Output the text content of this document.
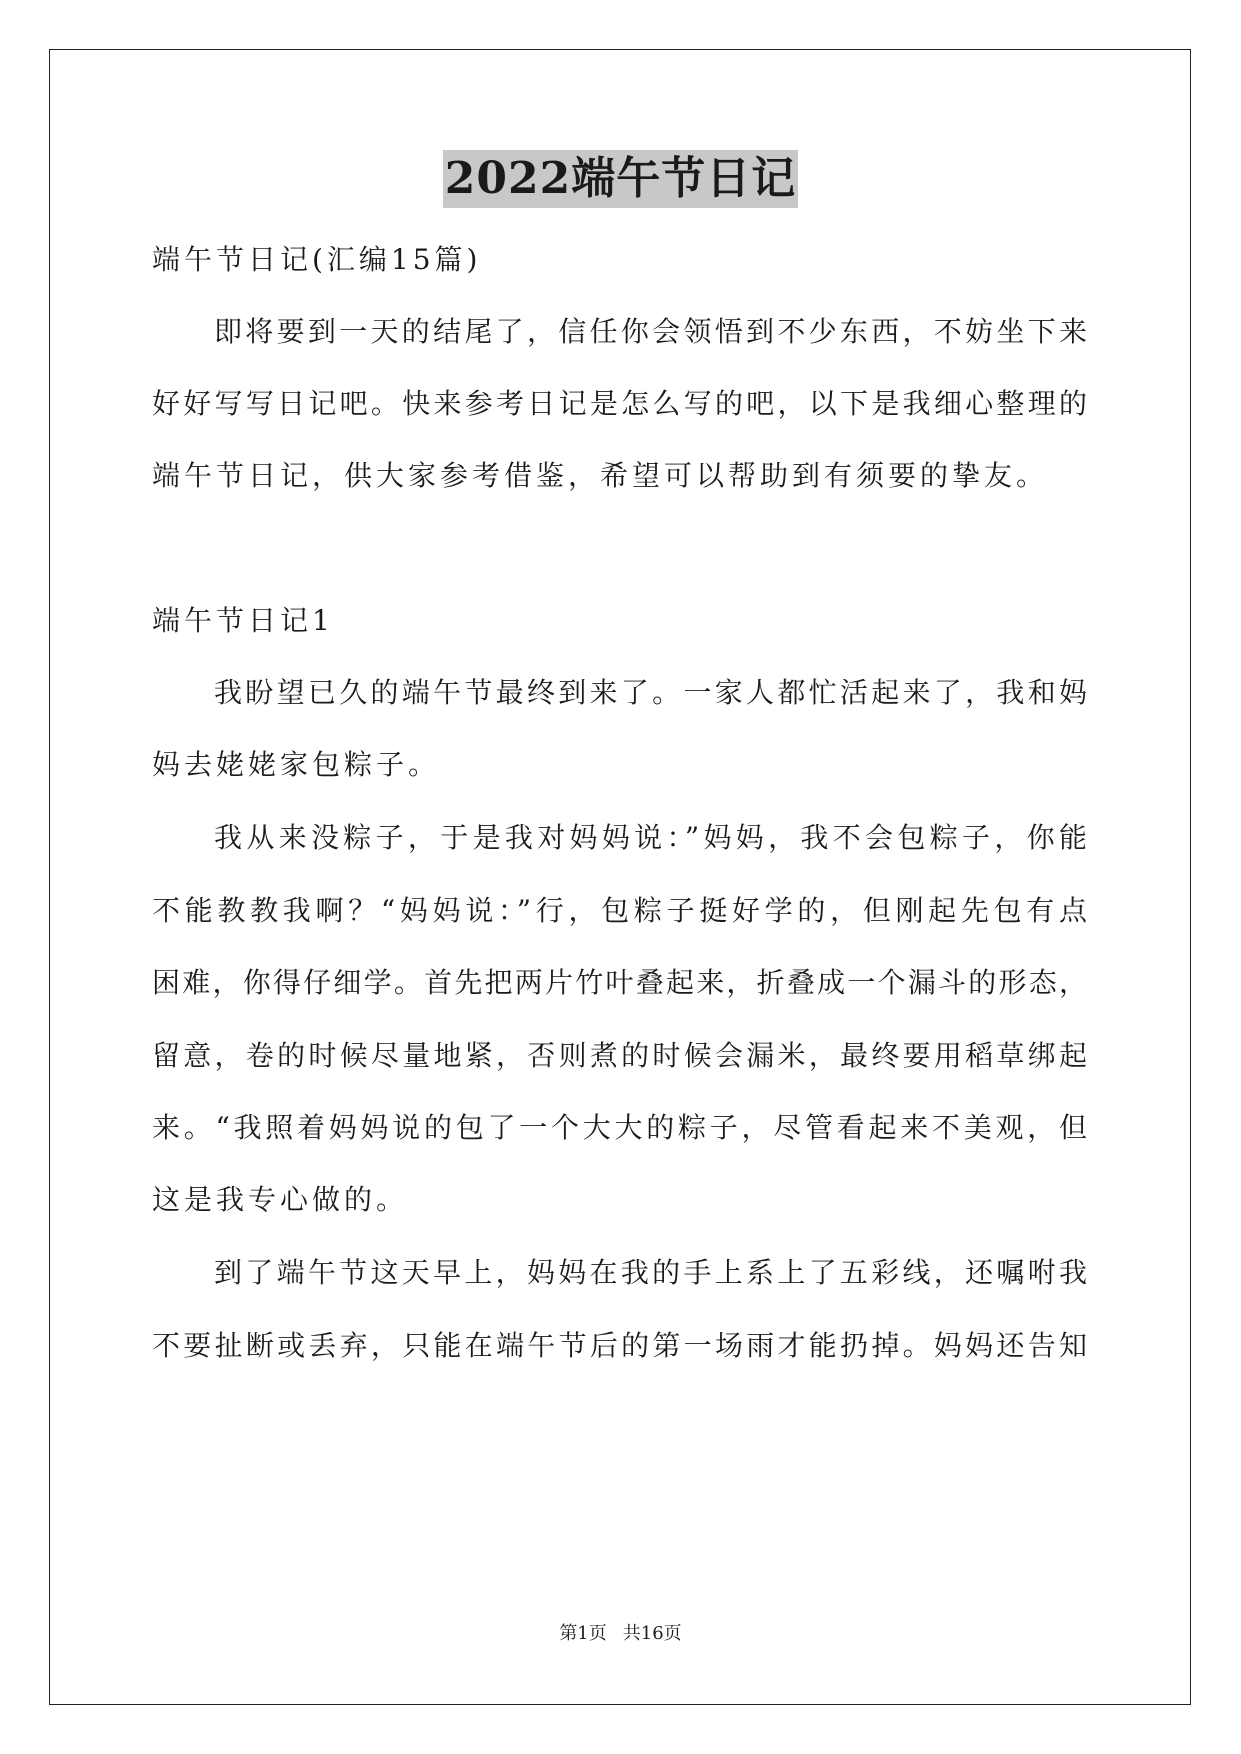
2022端午节日记
端午节日记(汇编15篇)
即将要到一天的结尾了，信任你会领悟到不少东西，不妨坐下来
好好写写日记吧。快来参考日记是怎么写的吧，以下是我细心整理的
端午节日记，供大家参考借鉴，希望可以帮助到有须要的挚友。
端午节日记1
我盼望已久的端午节最终到来了。一家人都忙活起来了，我和妈
妈去姥姥家包粽子。
我从来没粽子，于是我对妈妈说：”妈妈，我不会包粽子，你能
不能教教我啊？“妈妈说：”行，包粽子挺好学的，但刚起先包有点
困难，你得仔细学。首先把两片竹叶叠起来，折叠成一个漏斗的形态，
留意，卷的时候尽量地紧，否则煮的时候会漏米，最终要用稻草绑起
来。“我照着妈妈说的包了一个大大的粽子，尽管看起来不美观，但
这是我专心做的。
到了端午节这天早上，妈妈在我的手上系上了五彩线，还嘱咐我
不要扯断或丢弃，只能在端午节后的第一场雨才能扔掉。妈妈还告知
第1页 共16页
